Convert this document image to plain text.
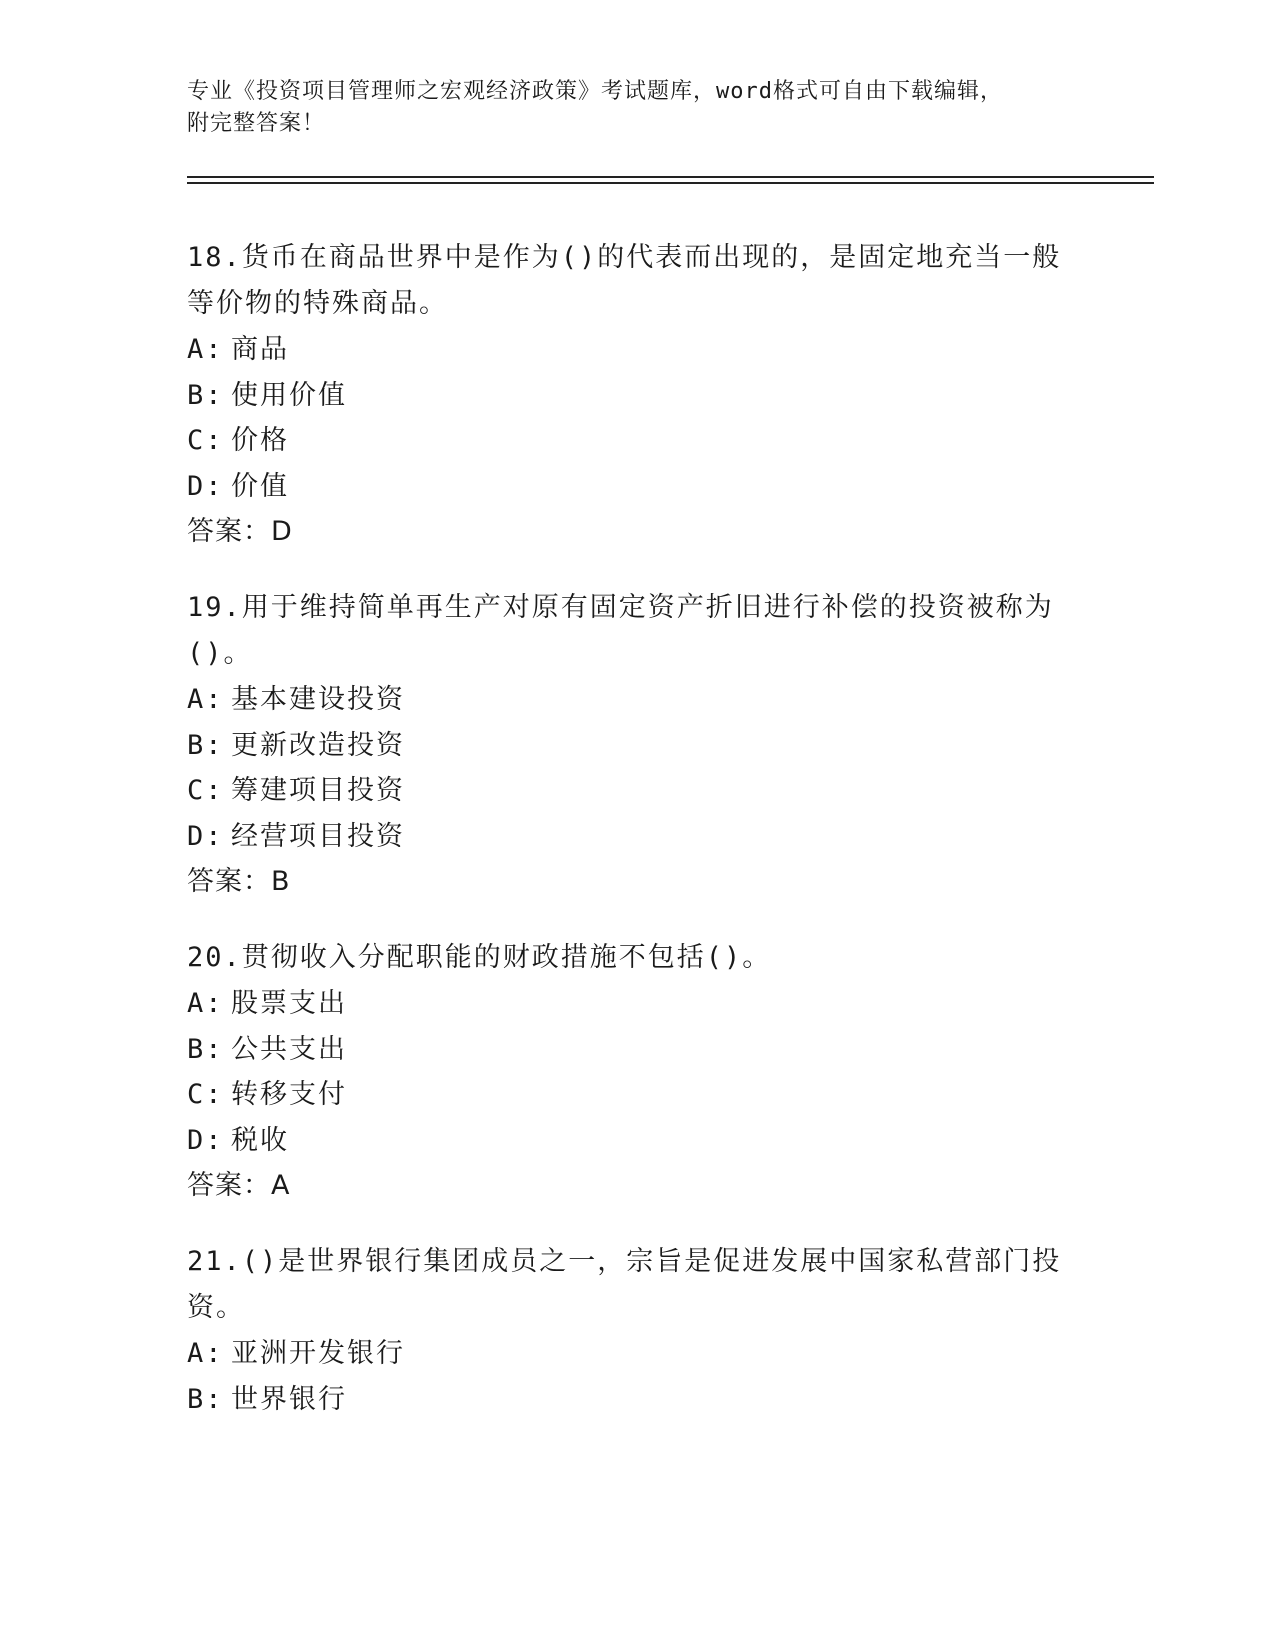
专业《投资项目管理师之宏观经济政策》考试题库，word格式可自由下载编辑，
附完整答案！
18.货币在商品世界中是作为()的代表而出现的，是固定地充当一般等价物的特殊商品。
A: 商品
B: 使用价值
C: 价格
D: 价值
答案：D
19.用于维持简单再生产对原有固定资产折旧进行补偿的投资被称为()。
A: 基本建设投资
B: 更新改造投资
C: 筹建项目投资
D: 经营项目投资
答案：B
20.贯彻收入分配职能的财政措施不包括()。
A: 股票支出
B: 公共支出
C: 转移支付
D: 税收
答案：A
21.()是世界银行集团成员之一，宗旨是促进发展中国家私营部门投资。
A: 亚洲开发银行
B: 世界银行
